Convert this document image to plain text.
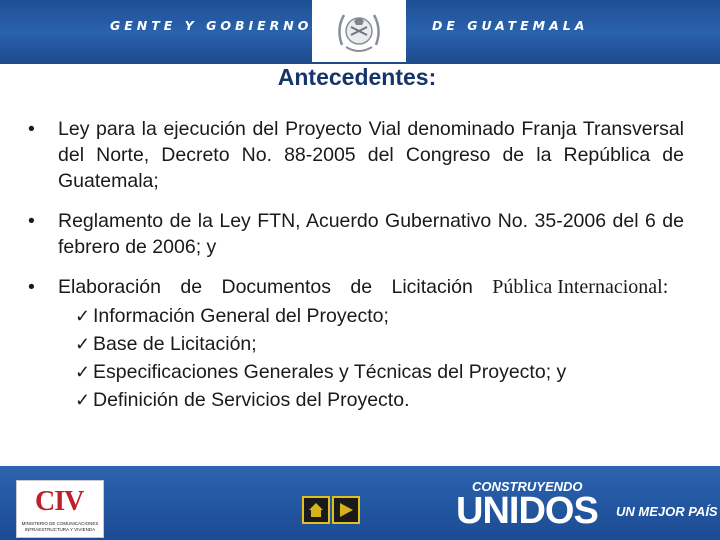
GENTE Y GOBIERNO	DE GUATEMALA
Antecedentes:
• Ley para la ejecución del Proyecto Vial denominado Franja Transversal del Norte, Decreto No. 88-2005 del Congreso de la República de Guatemala;
• Reglamento de la Ley FTN, Acuerdo Gubernativo No. 35-2006 del 6 de febrero de 2006; y
• Elaboración de Documentos de Licitación Pública Internacional:
✓ Información General del Proyecto;
✓ Base de Licitación;
✓ Especificaciones Generales y Técnicas del Proyecto; y
✓ Definición de Servicios del Proyecto.
CIV
MINISTERIO DE COMUNICACIONES INFRAESTRUCTURA Y VIVIENDA
CONSTRUYENDO
UNIDOS UN MEJOR PAÍS
